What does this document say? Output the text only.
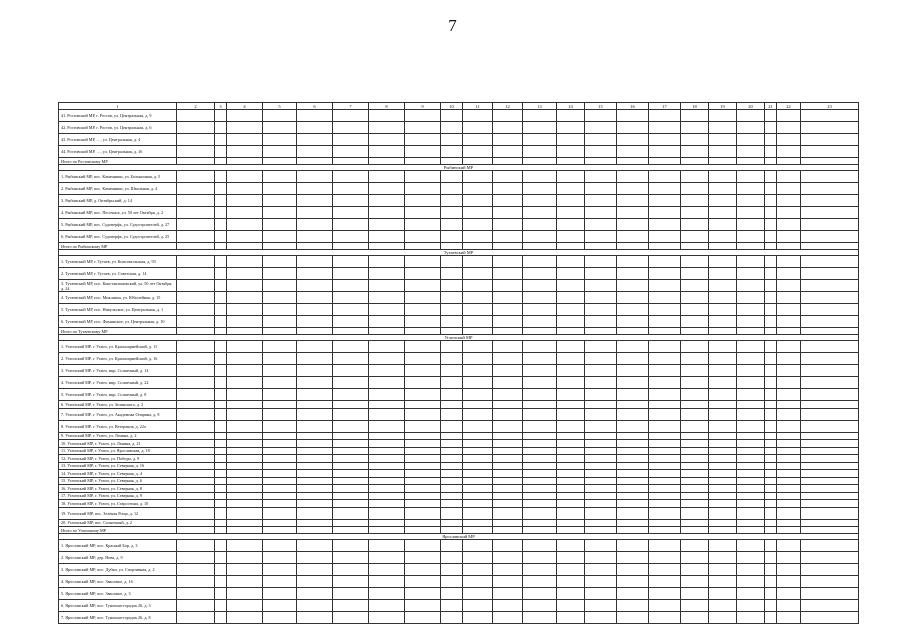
7
1	2	3	4	5	6	7	8	9	10	11	12	13	14	15	16	17	18	19	20	21	22	23
41. Ростовский МР, г. Ростов, ул. Центральная, д. 9																						
42. Ростовский МР, г. Ростов, ул. Центральная, д. 6																						
43. Ростовский МР, …, ул. Центральная, д. 4																						
44. Ростовский МР, …, ул. Центральная, д. 16																						
Итого по Ростовскому МР																						
Рыбинский МР																						
1. Рыбинский МР, пос. Каменники, ул. Больничная, д. 5																						
2. Рыбинский МР, пос. Каменники, ул. Школьная, д. 4																						
3. Рыбинский МР, д. Октябрьский, д. 14																						
4. Рыбинский МР, пос. Песочное, ул. 50 лет Октября, д. 2																						
5. Рыбинский МР, пос. Судоверфь, ул. Судостроителей, д. 27																						
6. Рыбинский МР, пос. Судоверфь, ул. Судостроителей, д. 25																						
Итого по Рыбинскому МР																						
Тутаевский МР																						
1. Тутаевский МР, г. Тутаев, ул. Комсомольская, д. 93																						
2. Тутаевский МР, г. Тутаев, ул. Советская, д. 14																						
3. Тутаевский МР, пос. Константиновский, ул. 50 лет Октября, д. 24																						
4. Тутаевский МР, пос. Микляиха, ул. Юбилейная, д. 15																						
5. Тутаевский МР, пос. Никульское, ул. Центральная, д. 1																						
6. Тутаевский МР, пос. Фоминское, ул. Центральная, д. 10																						
Итого по Тутаевскому МР																						
Угличский МР																						
1. Угличский МР, г. Углич, ул. Красноармейский, д. 11																						
2. Угличский МР, г. Углич, ул. Красноармейский, д. 16																						
3. Угличский МР, г. Углич, мкр. Солнечный, д. 14																						
4. Угличский МР, г. Углич, мкр. Солнечный, д. 22																						
5. Угличский МР, г. Углич, мкр. Солнечный, д. 8																						
6. Угличский МР, г. Углич, ул. Зелинского, д. 2																						
7. Угличский МР, г. Углич, ул. Академика Опарина, д. 8																						
8. Угличский МР, г. Углич, ул. Ветеранов, д. 22а																						
9. Угличский МР, г. Углич, ул. Ленина, д. 2																						
10. Угличский МР, г. Углич, ул. Ленина, д. 21																						
11. Угличский МР, г. Углич, ул. Ярославская, д. 18																						
12. Угличский МР, г. Углич, ул. Победы, д. 9																						
13. Угличский МР, г. Углич, ул. Северная, д. 16																						
14. Угличский МР, г. Углич, ул. Северная, д. 4																						
15. Угличский МР, г. Углич, ул. Северная, д. 6																						
16. Угличский МР, г. Углич, ул. Северная, д. 8																						
17. Угличский МР, г. Углич, ул. Северная, д. 9																						
18. Угличский МР, г. Углич, ул. Старостина, д. 10																						
19. Угличский МР, пос. Зелёная Роща, д. 12																						
20. Угличский МР, пос. Солнечный, д. 2																						
Итого по Угличскому МР																						
Ярославский МР																						
1. Ярославский МР, пос. Красный Бор, д. 3																						
2. Ярославский МР, дер. Нова, д. 9																						
3. Ярославский МР, пос. Дубки, ул. Спортивная, д. 2																						
4. Ярославский МР, пос. Заволжье, д. 16																						
5. Ярославский МР, пос. Заволжье, д. 3																						
6. Ярославский МР, пос. Туношна-городок 26, д. 3																						
7. Ярославский МР, пос. Туношна-городок 26, д. 8																						
